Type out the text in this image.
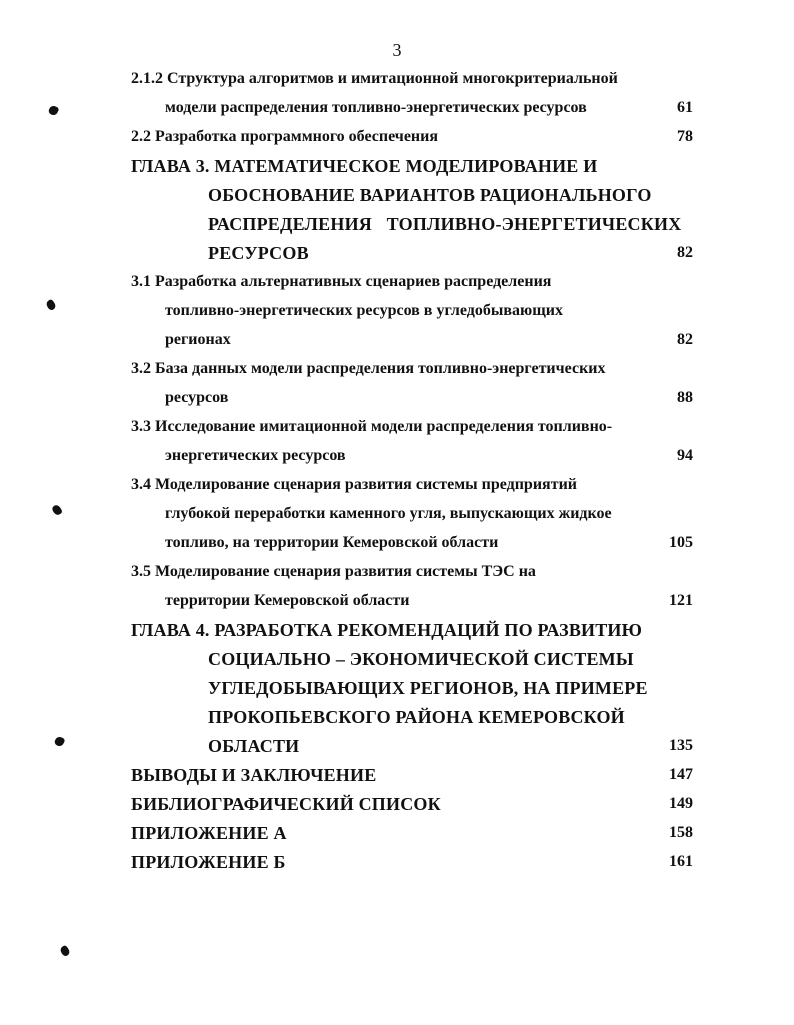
3
2.1.2 Структура алгоритмов и имитационной многокритериальной
модели распределения топливно-энергетических ресурсов	61
2.2 Разработка программного обеспечения	78
ГЛАВА 3. МАТЕМАТИЧЕСКОЕ МОДЕЛИРОВАНИЕ И
ОБОСНОВАНИЕ ВАРИАНТОВ РАЦИОНАЛЬНОГО
РАСПРЕДЕЛЕНИЯ ТОПЛИВНО-ЭНЕРГЕТИЧЕСКИХ
РЕСУРСОВ	82
3.1 Разработка альтернативных сценариев распределения
топливно-энергетических ресурсов в угледобывающих
регионах	82
3.2 База данных модели распределения топливно-энергетических
ресурсов	88
3.3 Исследование имитационной модели распределения топливно-
энергетических ресурсов	94
3.4 Моделирование сценария развития системы предприятий
глубокой переработки каменного угля, выпускающих жидкое
топливо, на территории Кемеровской области	105
3.5 Моделирование сценария развития системы ТЭС на
территории Кемеровской области	121
ГЛАВА 4. РАЗРАБОТКА РЕКОМЕНДАЦИЙ ПО РАЗВИТИЮ
СОЦИАЛЬНО – ЭКОНОМИЧЕСКОЙ СИСТЕМЫ
УГЛЕДОБЫВАЮЩИХ РЕГИОНОВ, НА ПРИМЕРЕ
ПРОКОПЬЕВСКОГО РАЙОНА КЕМЕРОВСКОЙ
ОБЛАСТИ	135
ВЫВОДЫ И ЗАКЛЮЧЕНИЕ	147
БИБЛИОГРАФИЧЕСКИЙ СПИСОК	149
ПРИЛОЖЕНИЕ А	158
ПРИЛОЖЕНИЕ Б	161
